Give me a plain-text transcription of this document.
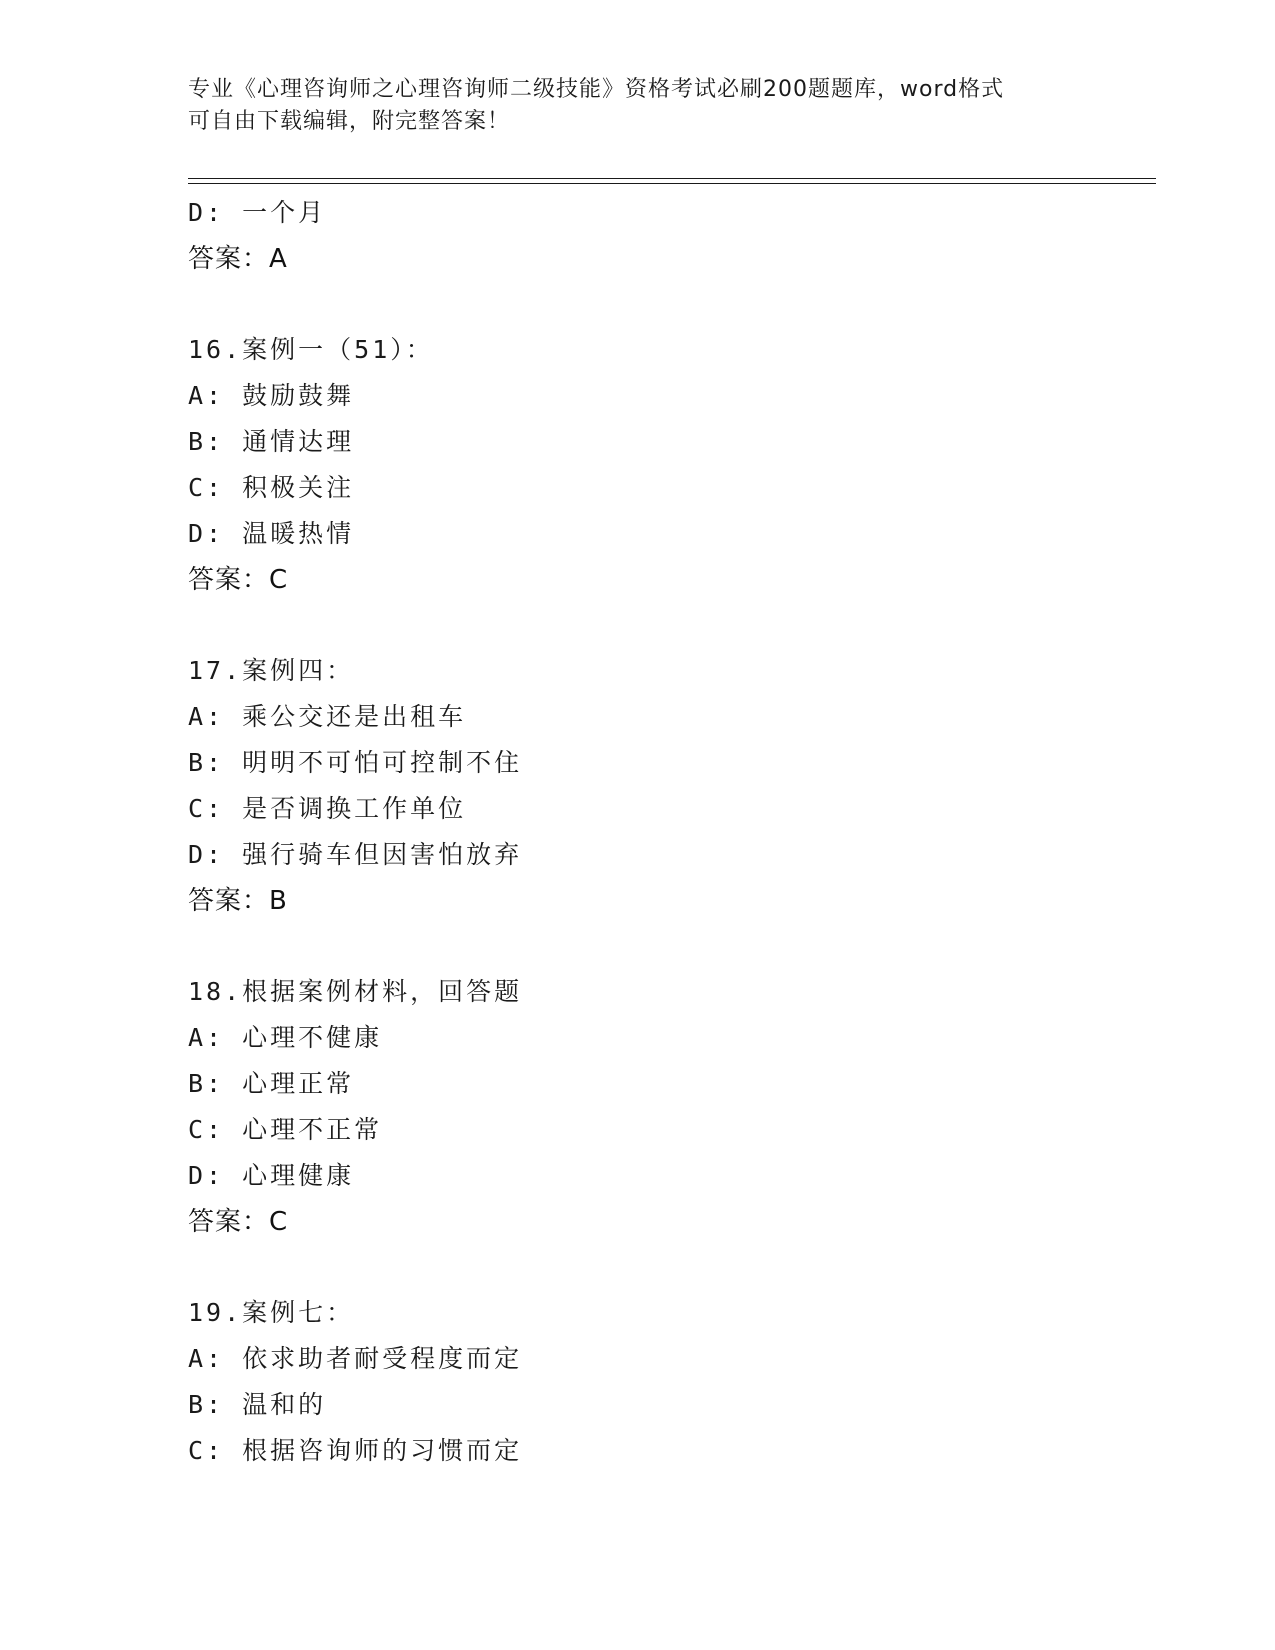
专业《心理咨询师之心理咨询师二级技能》资格考试必刷200题题库，word格式
可自由下载编辑，附完整答案！
D: 一个月
答案：A
16.案例一（51）：
A: 鼓励鼓舞
B: 通情达理
C: 积极关注
D: 温暖热情
答案：C
17.案例四：
A: 乘公交还是出租车
B: 明明不可怕可控制不住
C: 是否调换工作单位
D: 强行骑车但因害怕放弃
答案：B
18.根据案例材料，回答题
A: 心理不健康
B: 心理正常
C: 心理不正常
D: 心理健康
答案：C
19.案例七：
A: 依求助者耐受程度而定
B: 温和的
C: 根据咨询师的习惯而定
